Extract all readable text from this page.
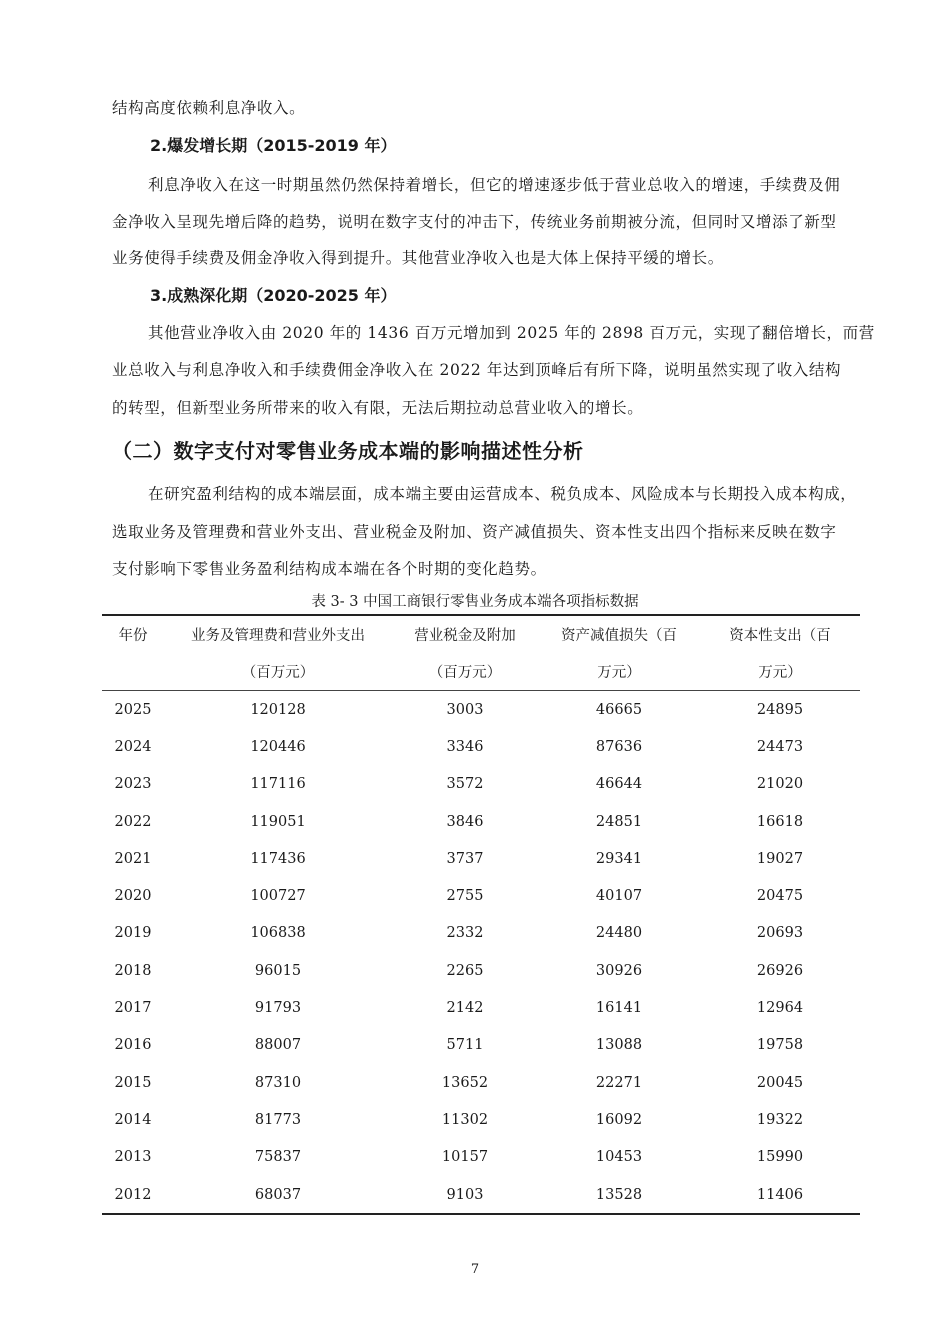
结构高度依赖利息净收入。
2.爆发增长期（2015-2019 年）
利息净收入在这一时期虽然仍然保持着增长，但它的增速逐步低于营业总收入的增速，手续费及佣
金净收入呈现先增后降的趋势，说明在数字支付的冲击下，传统业务前期被分流，但同时又增添了新型
业务使得手续费及佣金净收入得到提升。其他营业净收入也是大体上保持平缓的增长。
3.成熟深化期（2020-2025 年）
其他营业净收入由 2020 年的 1436 百万元增加到 2025 年的 2898 百万元，实现了翻倍增长，而营
业总收入与利息净收入和手续费佣金净收入在 2022 年达到顶峰后有所下降，说明虽然实现了收入结构
的转型，但新型业务所带来的收入有限，无法后期拉动总营业收入的增长。
（二）数字支付对零售业务成本端的影响描述性分析
在研究盈利结构的成本端层面，成本端主要由运营成本、税负成本、风险成本与长期投入成本构成，
选取业务及管理费和营业外支出、营业税金及附加、资产减值损失、资本性支出四个指标来反映在数字
支付影响下零售业务盈利结构成本端在各个时期的变化趋势。
表 3- 3 中国工商银行零售业务成本端各项指标数据
年份	业务及管理费和营业外支出	营业税金及附加	资产减值损失（百	资本性支出（百
	（百万元）	（百万元）	万元）	万元）
2025	120128	3003	46665	24895
2024	120446	3346	87636	24473
2023	117116	3572	46644	21020
2022	119051	3846	24851	16618
2021	117436	3737	29341	19027
2020	100727	2755	40107	20475
2019	106838	2332	24480	20693
2018	96015	2265	30926	26926
2017	91793	2142	16141	12964
2016	88007	5711	13088	19758
2015	87310	13652	22271	20045
2014	81773	11302	16092	19322
2013	75837	10157	10453	15990
2012	68037	9103	13528	11406
7
